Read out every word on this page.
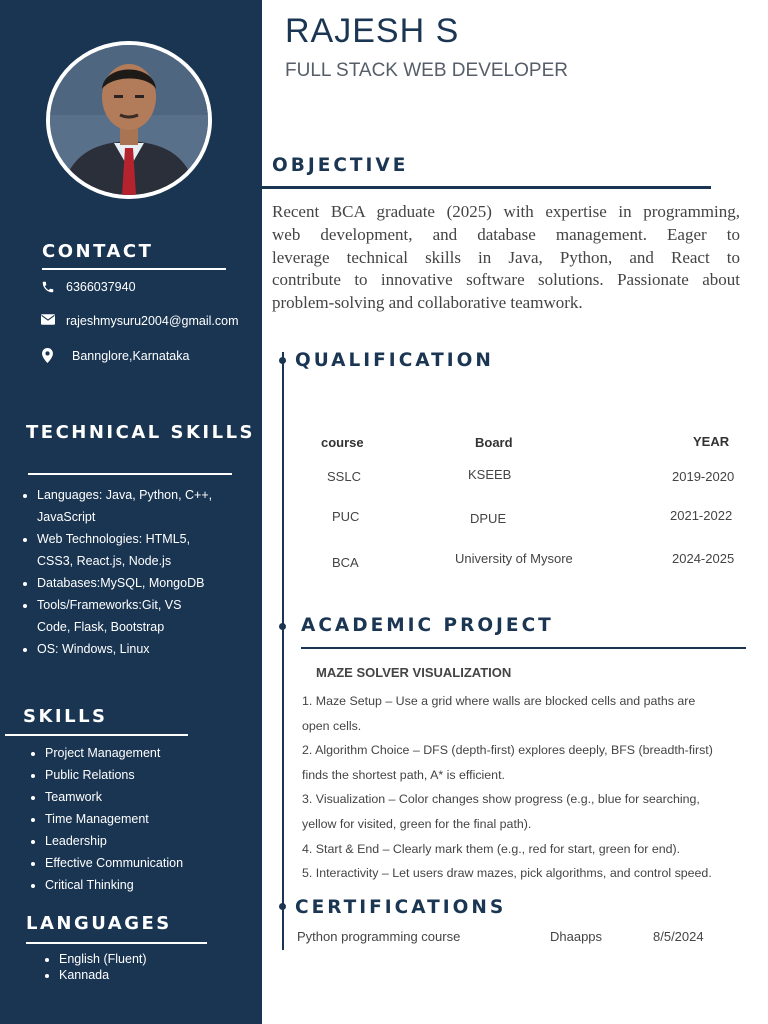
CONTACT
6366037940
rajeshmysuru2004@gmail.com
Bannglore,Karnataka
TECHNICAL SKILLS
• Languages: Java, Python, C++,
JavaScript
• Web Technologies: HTML5,
CSS3, React.js, Node.js
• Databases:MySQL, MongoDB
• Tools/Frameworks:Git, VS
Code, Flask, Bootstrap
• OS: Windows, Linux
SKILLS
• Project Management
• Public Relations
• Teamwork
• Time Management
• Leadership
• Effective Communication
• Critical Thinking
LANGUAGES
• English (Fluent)
• Kannada
RAJESH S
FULL STACK WEB DEVELOPER
OBJECTIVE
Recent BCA graduate (2025) with expertise in programming,
web development, and database management. Eager to
leverage technical skills in Java, Python, and React to
contribute to innovative software solutions. Passionate about
problem-solving and collaborative teamwork.
QUALIFICATION
course	Board	YEAR
SSLC	KSEEB	2019-2020
PUC	DPUE	2021-2022
BCA	University of Mysore	2024-2025
ACADEMIC PROJECT
MAZE SOLVER VISUALIZATION
1. Maze Setup – Use a grid where walls are blocked cells and paths are
open cells.
2. Algorithm Choice – DFS (depth-first) explores deeply, BFS (breadth-first)
finds the shortest path, A* is efficient.
3. Visualization – Color changes show progress (e.g., blue for searching,
yellow for visited, green for the final path).
4. Start & End – Clearly mark them (e.g., red for start, green for end).
5. Interactivity – Let users draw mazes, pick algorithms, and control speed.
CERTIFICATIONS
Python programming course	Dhaapps	8/5/2024
